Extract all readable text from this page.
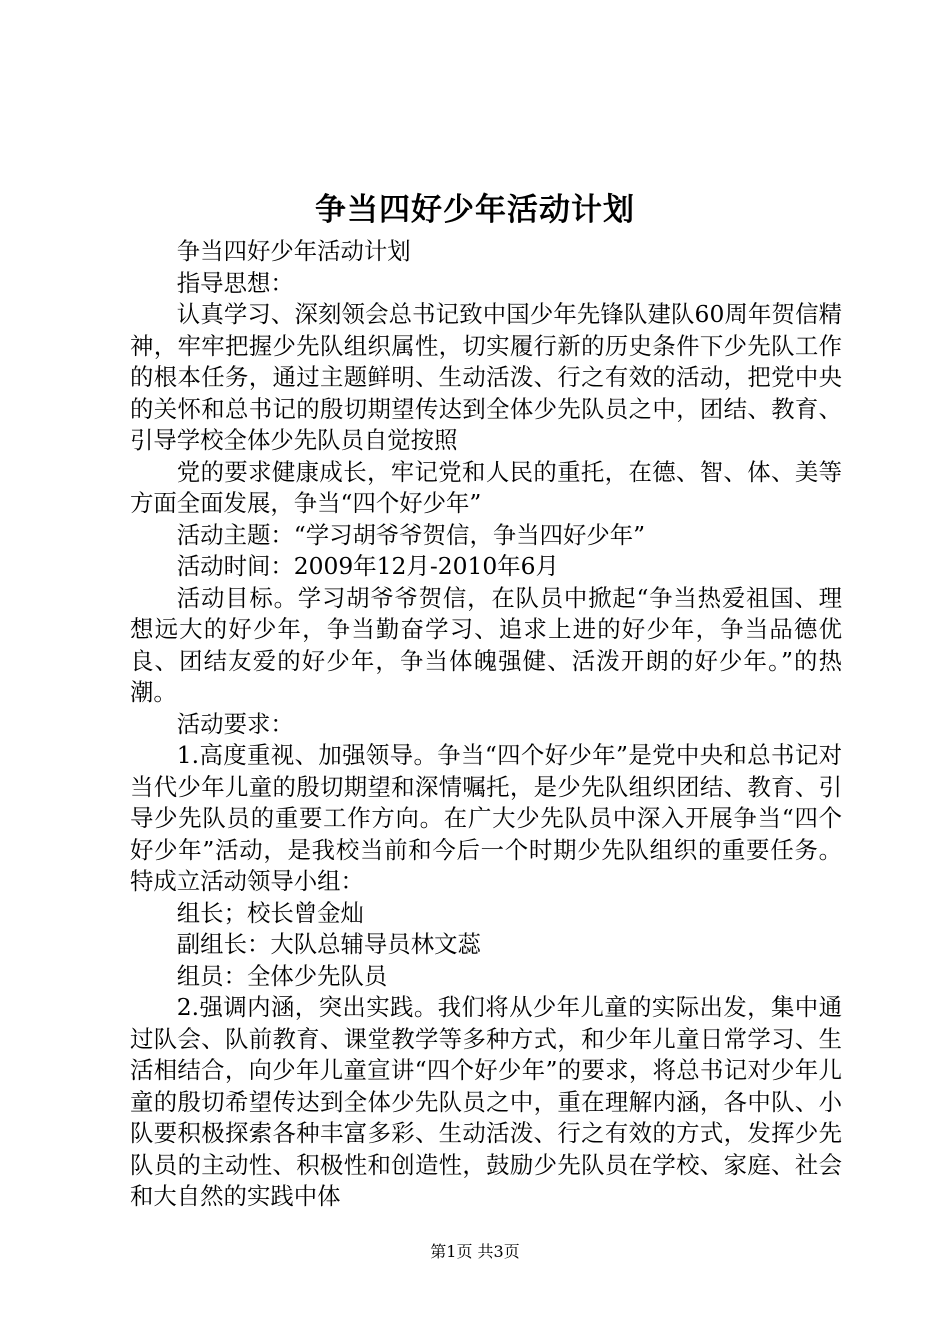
争当四好少年活动计划

争当四好少年活动计划

指导思想：

认真学习、深刻领会总书记致中国少年先锋队建队60周年贺信精神，牢牢把握少先队组织属性，切实履行新的历史条件下少先队工作的根本任务，通过主题鲜明、生动活泼、行之有效的活动，把党中央的关怀和总书记的殷切期望传达到全体少先队员之中，团结、教育、引导学校全体少先队员自觉按照

党的要求健康成长，牢记党和人民的重托，在德、智、体、美等方面全面发展，争当“四个好少年”

活动主题：“学习胡爷爷贺信，争当四好少年”

活动时间：2009年12月-2010年6月

活动目标。学习胡爷爷贺信，在队员中掀起“争当热爱祖国、理想远大的好少年，争当勤奋学习、追求上进的好少年，争当品德优良、团结友爱的好少年，争当体魄强健、活泼开朗的好少年。”的热潮。

活动要求：

1.高度重视、加强领导。争当“四个好少年”是党中央和总书记对当代少年儿童的殷切期望和深情嘱托，是少先队组织团结、教育、引导少先队员的重要工作方向。在广大少先队员中深入开展争当“四个好少年”活动，是我校当前和今后一个时期少先队组织的重要任务。特成立活动领导小组：

组长；校长曾金灿

副组长：大队总辅导员林文蕊

组员：全体少先队员

2.强调内涵，突出实践。我们将从少年儿童的实际出发，集中通过队会、队前教育、课堂教学等多种方式，和少年儿童日常学习、生活相结合，向少年儿童宣讲“四个好少年”的要求，将总书记对少年儿童的殷切希望传达到全体少先队员之中，重在理解内涵，各中队、小队要积极探索各种丰富多彩、生动活泼、行之有效的方式，发挥少先队员的主动性、积极性和创造性，鼓励少先队员在学校、家庭、社会和大自然的实践中体

第1页 共3页
